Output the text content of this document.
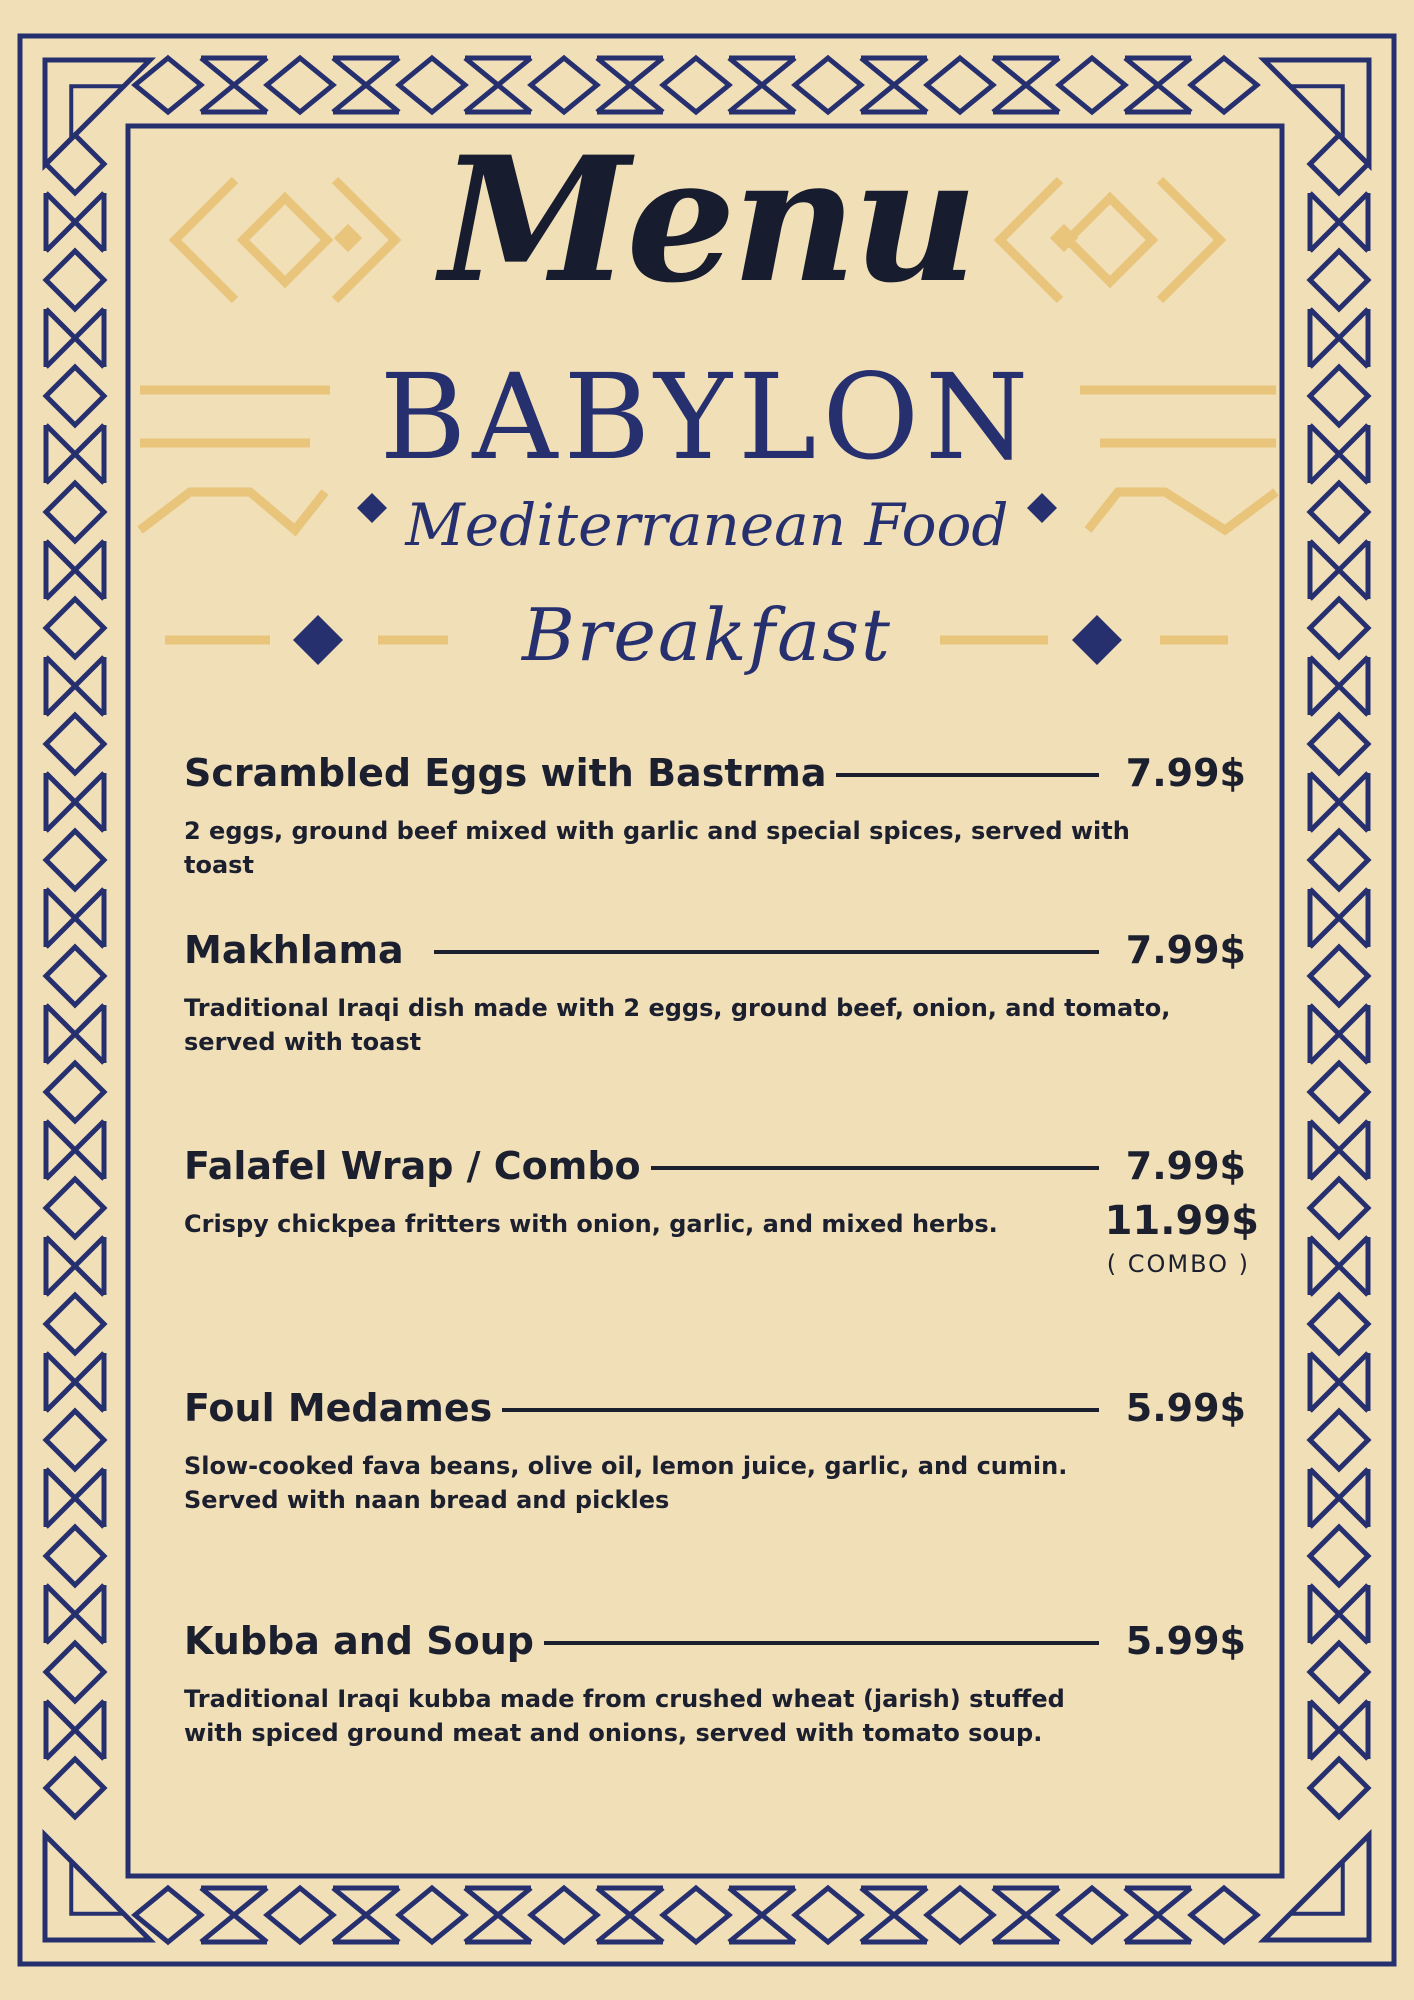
Menu
BABYLON
Mediterranean Food
Breakfast
Scrambled Eggs with Bastrma	7.99$
2 eggs, ground beef mixed with garlic and special spices, served with toast
Makhlama	7.99$
Traditional Iraqi dish made with 2 eggs, ground beef, onion, and tomato, served with toast
Falafel Wrap / Combo	7.99$
Crispy chickpea fritters with onion, garlic, and mixed herbs.	11.99$
( COMBO )
Foul Medames	5.99$
Slow-cooked fava beans, olive oil, lemon juice, garlic, and cumin. Served with naan bread and pickles
Kubba and Soup	5.99$
Traditional Iraqi kubba made from crushed wheat (jarish) stuffed with spiced ground meat and onions, served with tomato soup.
